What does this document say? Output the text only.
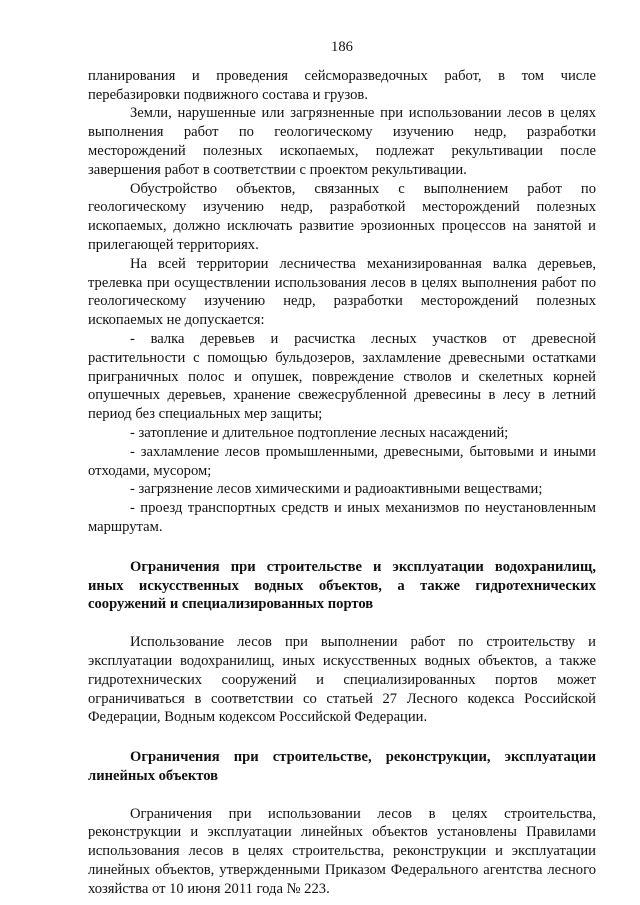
186

планирования и проведения сейсморазведочных работ, в том числе перебазировки подвижного состава и грузов.

Земли, нарушенные или загрязненные при использовании лесов в целях выполнения работ по геологическому изучению недр, разработки месторождений полезных ископаемых, подлежат рекультивации после завершения работ в соответствии с проектом рекультивации.

Обустройство объектов, связанных с выполнением работ по геологическому изучению недр, разработкой месторождений полезных ископаемых, должно исключать развитие эрозионных процессов на занятой и прилегающей территориях.

На всей территории лесничества механизированная валка деревьев, трелевка при осуществлении использования лесов в целях выполнения работ по геологическому изучению недр, разработки месторождений полезных ископаемых не допускается:

- валка деревьев и расчистка лесных участков от древесной растительности с помощью бульдозеров, захламление древесными остатками приграничных полос и опушек, повреждение стволов и скелетных корней опушечных деревьев, хранение свежесрубленной древесины в лесу в летний период без специальных мер защиты;

- затопление и длительное подтопление лесных насаждений;

- захламление лесов промышленными, древесными, бытовыми и иными отходами, мусором;

- загрязнение лесов химическими и радиоактивными веществами;

- проезд транспортных средств и иных механизмов по неустановленным маршрутам.

Ограничения при строительстве и эксплуатации водохранилищ, иных искусственных водных объектов, а также гидротехнических сооружений и специализированных портов

Использование лесов при выполнении работ по строительству и эксплуатации водохранилищ, иных искусственных водных объектов, а также гидротехнических сооружений и специализированных портов может ограничиваться в соответствии со статьей 27 Лесного кодекса Российской Федерации, Водным кодексом Российской Федерации.

Ограничения при строительстве, реконструкции, эксплуатации линейных объектов

Ограничения при использовании лесов в целях строительства, реконструкции и эксплуатации линейных объектов установлены Правилами использования лесов в целях строительства, реконструкции и эксплуатации линейных объектов, утвержденными Приказом Федерального агентства лесного хозяйства от 10 июня 2011 года № 223.
